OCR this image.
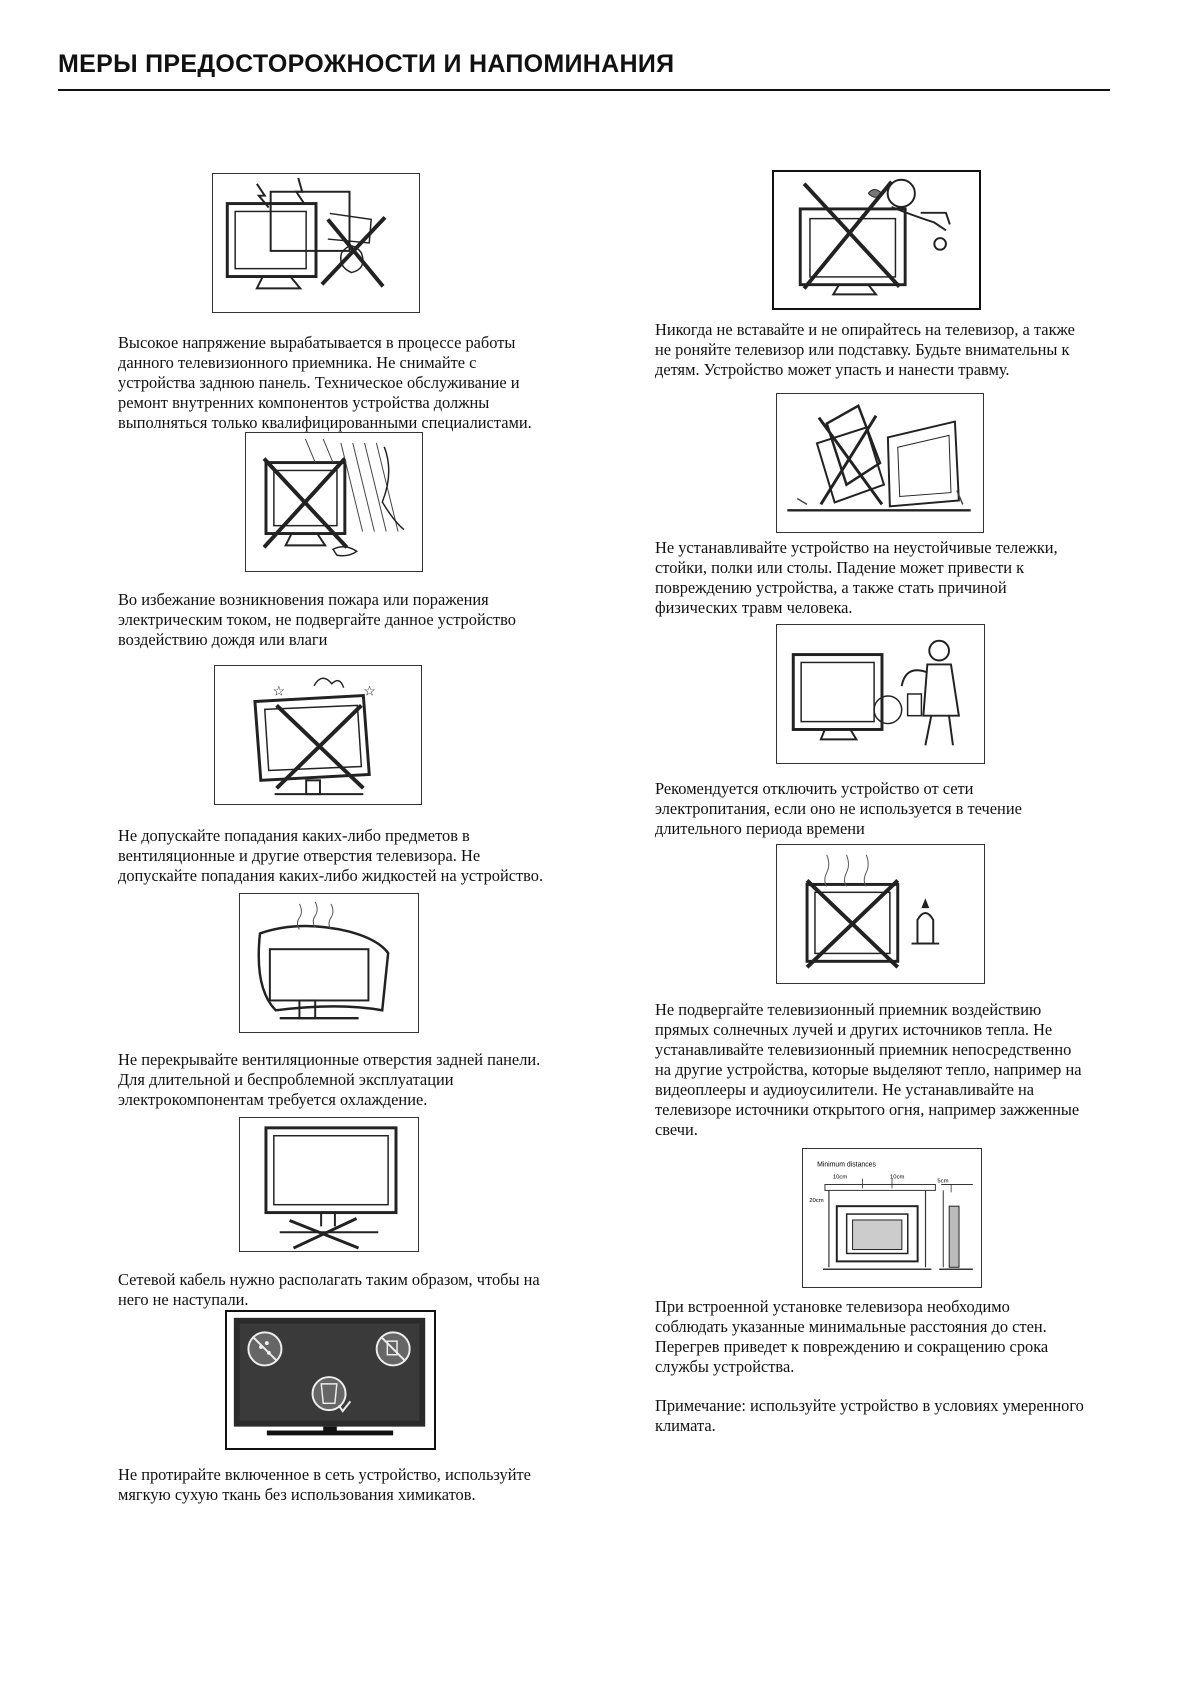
МЕРЫ ПРЕДОСТОРОЖНОСТИ И НАПОМИНАНИЯ

Высокое напряжение вырабатывается в процессе работы
данного телевизионного приемника. Не снимайте с
устройства заднюю панель. Техническое обслуживание и
ремонт внутренних компонентов устройства должны
выполняться только квалифицированными специалистами.

Во избежание возникновения пожара или поражения
электрическим током, не подвергайте данное устройство
воздействию дождя или влаги

☆	☆

Не допускайте попадания каких-либо предметов в
вентиляционные и другие отверстия телевизора. Не
допускайте попадания каких-либо жидкостей на устройство.

Не перекрывайте вентиляционные отверстия задней панели.
Для длительной и беспроблемной эксплуатации
электрокомпонентам требуется охлаждение.

Сетевой кабель нужно располагать таким образом, чтобы на
него не наступали.

Не протирайте включенное в сеть устройство, используйте
мягкую сухую ткань без использования химикатов.

Никогда не вставайте и не опирайтесь на телевизор, а также
не роняйте телевизор или подставку. Будьте внимательны к
детям. Устройство может упасть и нанести травму.

Не устанавливайте устройство на неустойчивые тележки,
стойки, полки или столы. Падение может привести к
повреждению устройства, а также стать причиной
физических травм человека.

Рекомендуется отключить устройство от сети
электропитания, если оно не используется в течение
длительного периода времени

Не подвергайте телевизионный приемник воздействию
прямых солнечных лучей и других источников тепла. Не
устанавливайте телевизионный приемник непосредственно
на другие устройства, которые выделяют тепло, например на
видеоплееры и аудиоусилители. Не устанавливайте на
телевизоре источники открытого огня, например зажженные
свечи.

Minimum distances
10cm	10cm
5cm
20cm

При встроенной установке телевизора необходимо
соблюдать указанные минимальные расстояния до стен.
Перегрев приведет к повреждению и сокращению срока
службы устройства.

Примечание: используйте устройство в условиях умеренного
климата.
